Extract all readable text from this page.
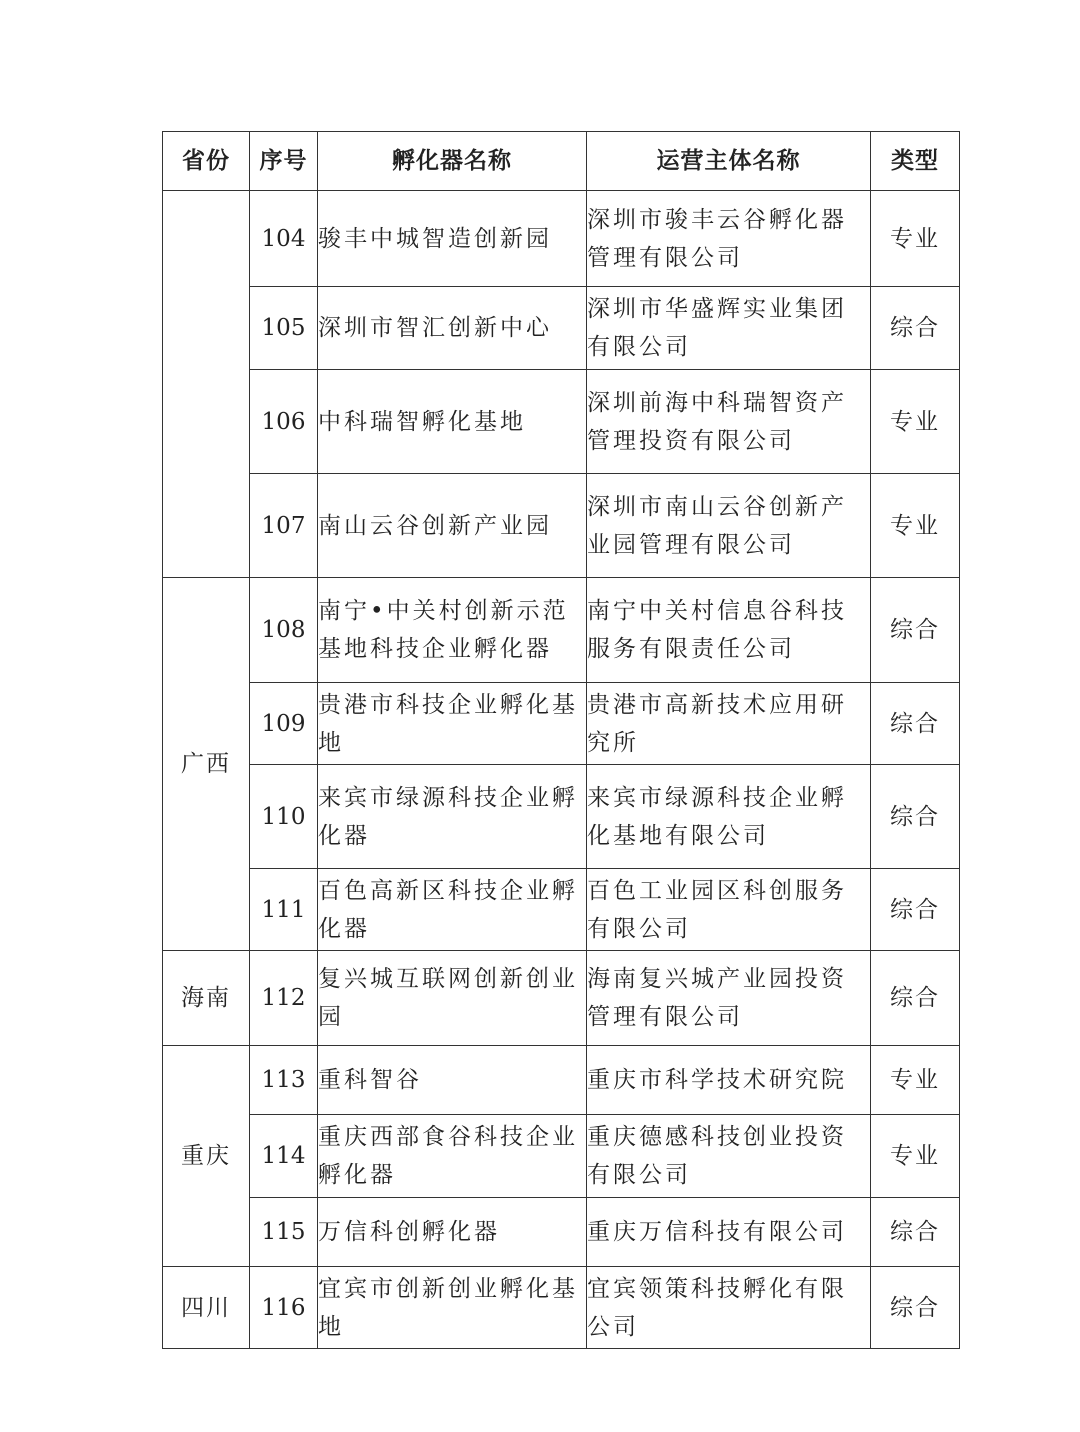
省份	序号	孵化器名称	运营主体名称	类型
	104	骏丰中城智造创新园	深圳市骏丰云谷孵化器管理有限公司	专业
	105	深圳市智汇创新中心	深圳市华盛辉实业集团有限公司	综合
	106	中科瑞智孵化基地	深圳前海中科瑞智资产管理投资有限公司	专业
	107	南山云谷创新产业园	深圳市南山云谷创新产业园管理有限公司	专业
广西	108	南宁•中关村创新示范基地科技企业孵化器	南宁中关村信息谷科技服务有限责任公司	综合
	109	贵港市科技企业孵化基地	贵港市高新技术应用研究所	综合
	110	来宾市绿源科技企业孵化器	来宾市绿源科技企业孵化基地有限公司	综合
	111	百色高新区科技企业孵化器	百色工业园区科创服务有限公司	综合
海南	112	复兴城互联网创新创业园	海南复兴城产业园投资管理有限公司	综合
重庆	113	重科智谷	重庆市科学技术研究院	专业
	114	重庆西部食谷科技企业孵化器	重庆德感科技创业投资有限公司	专业
	115	万信科创孵化器	重庆万信科技有限公司	综合
四川	116	宜宾市创新创业孵化基地	宜宾领策科技孵化有限公司	综合
